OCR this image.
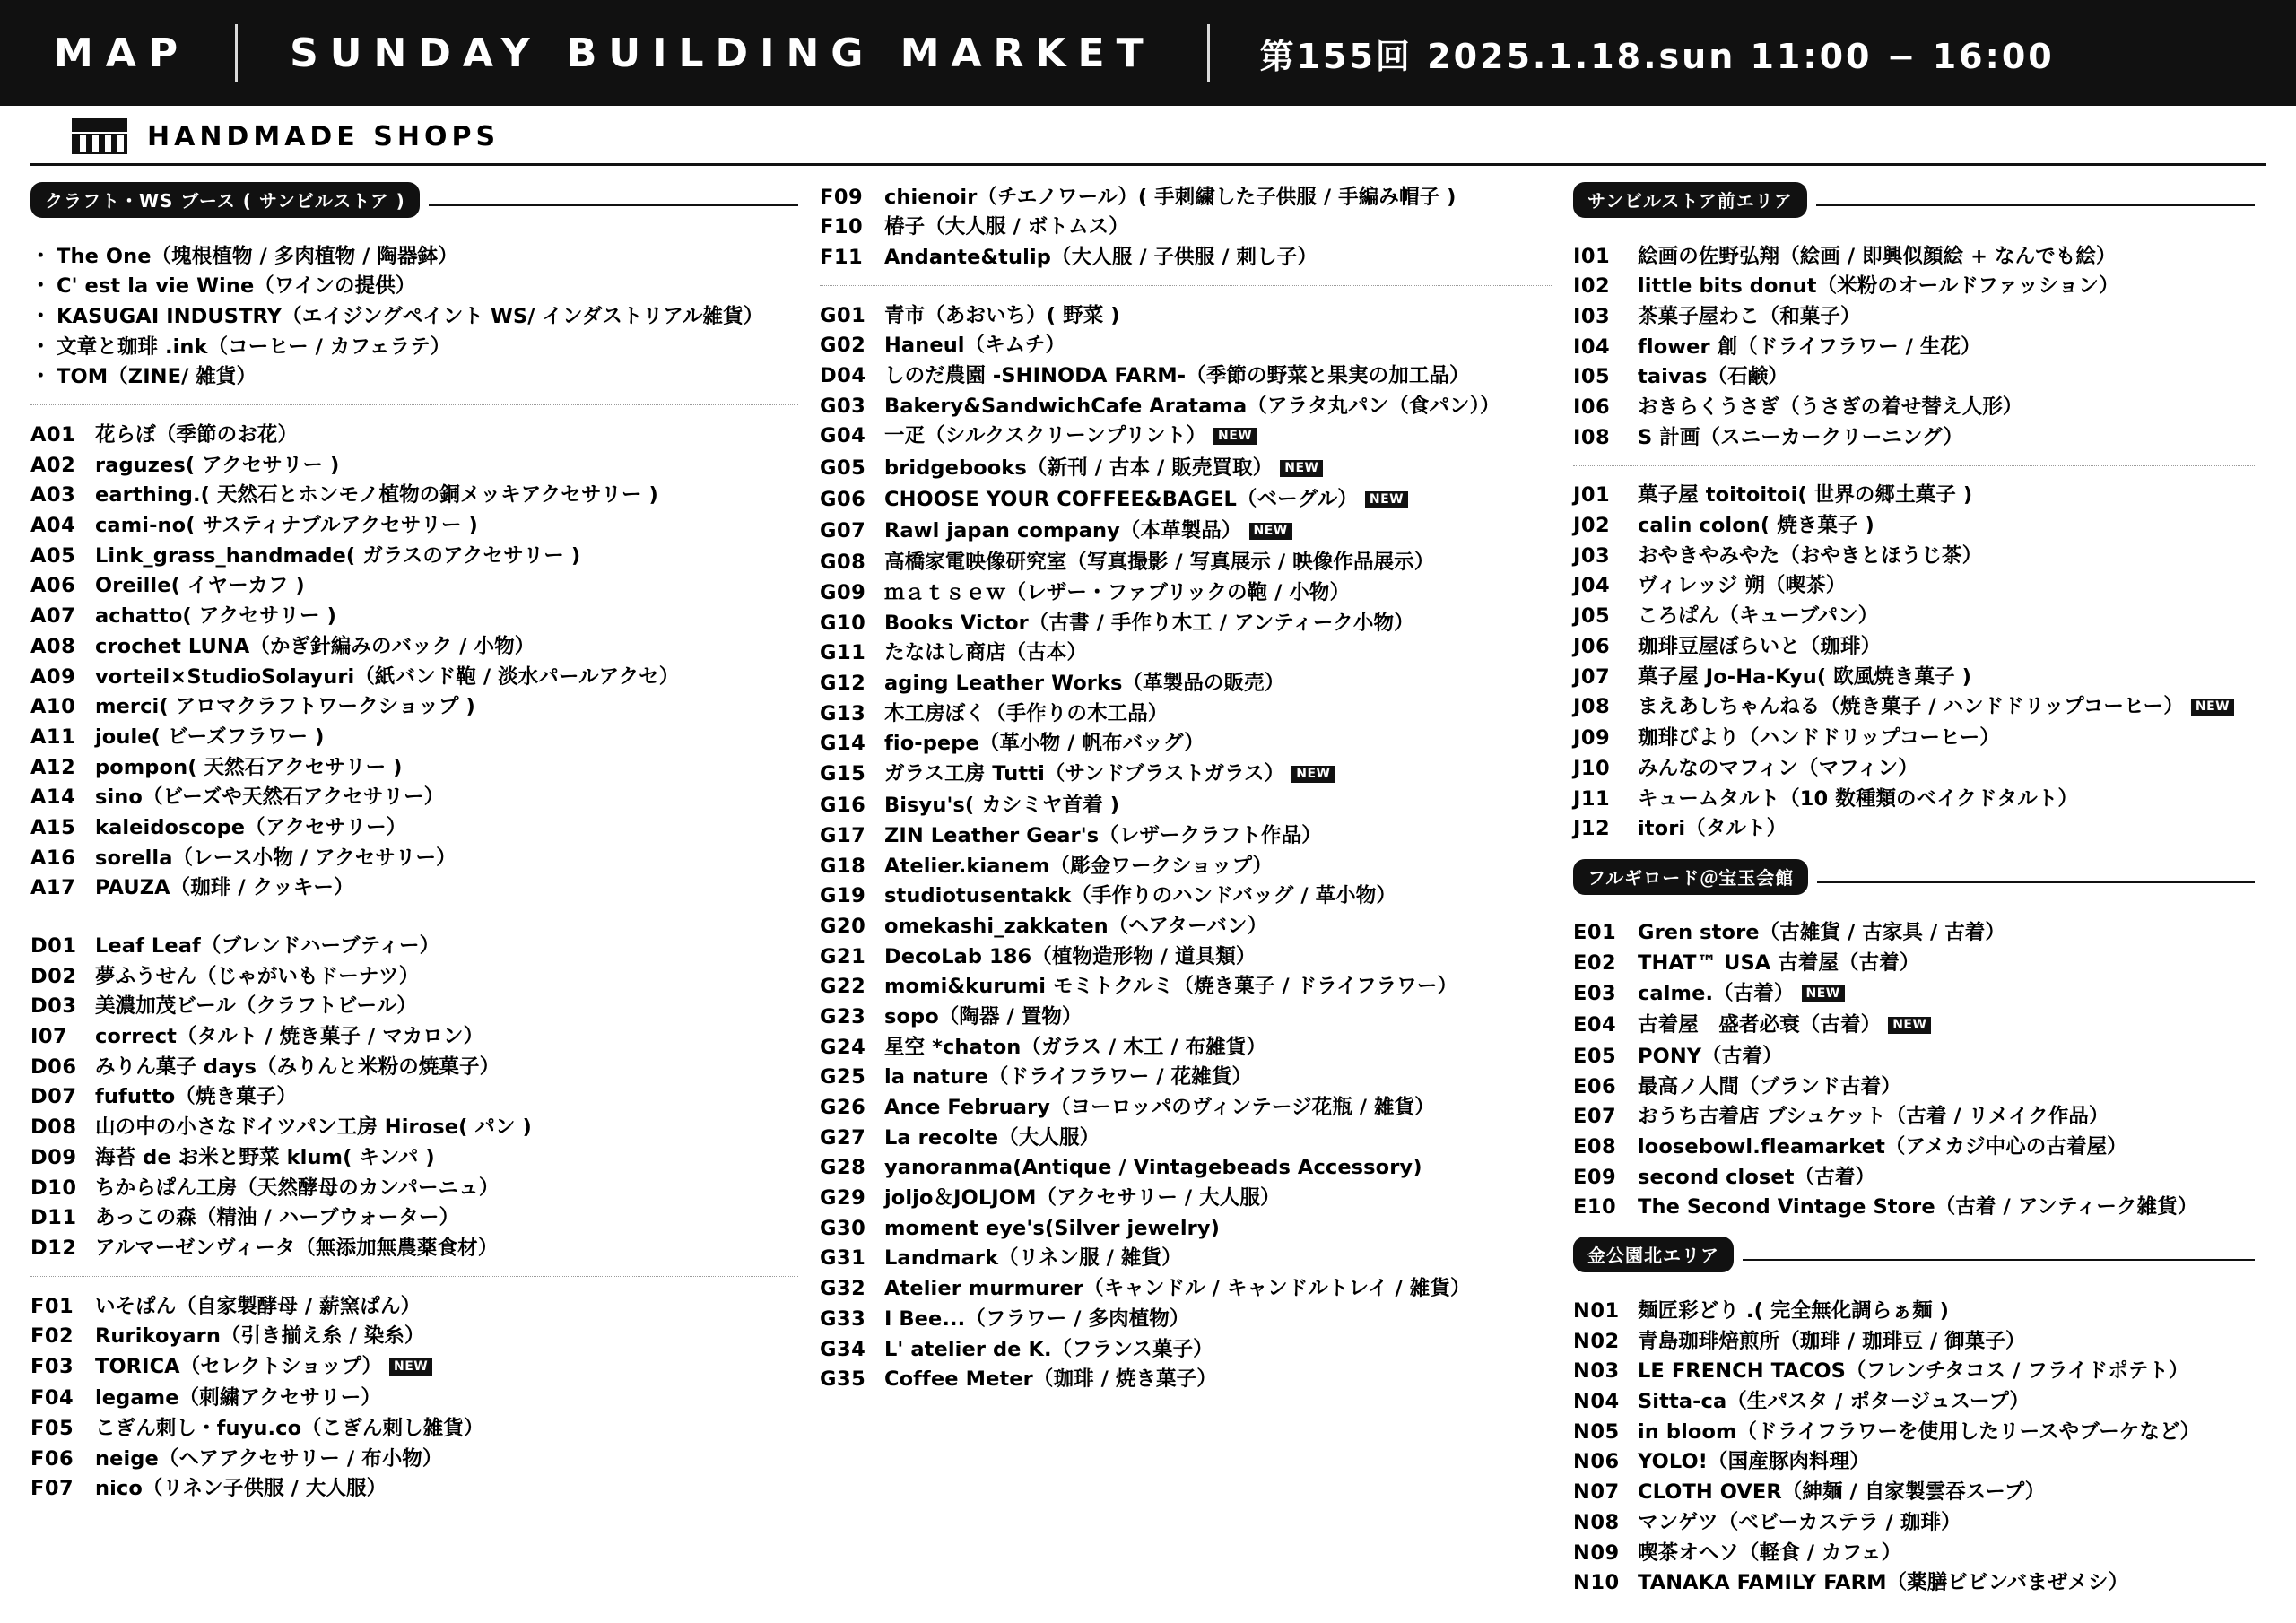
MAP	SUNDAY BUILDING MARKET	第155回 2025.1.18.sun 11:00 − 16:00
HANDMADE SHOPS
クラフト・WS ブース ( サンビルストア )
・ The One（塊根植物 / 多肉植物 / 陶器鉢）
・ C' est la vie Wine（ワインの提供）
・ KASUGAI INDUSTRY（エイジングペイント WS/ インダストリアル雑貨）
・ 文章と珈琲 .ink（コーヒー / カフェラテ）
・ TOM（ZINE/ 雑貨）
A01 花らぼ（季節のお花）
A02 raguzes( アクセサリー )
A03 earthing.( 天然石とホンモノ植物の銅メッキアクセサリー )
A04 cami-no( サスティナブルアクセサリー )
A05 Link_grass_handmade( ガラスのアクセサリー )
A06 Oreille( イヤーカフ )
A07 achatto( アクセサリー )
A08 crochet LUNA（かぎ針編みのバック / 小物）
A09 vorteil×StudioSolayuri（紙バンド鞄 / 淡水パールアクセ）
A10 merci( アロマクラフトワークショップ )
A11 joule( ビーズフラワー )
A12 pompon( 天然石アクセサリー )
A14 sino（ビーズや天然石アクセサリー）
A15 kaleidoscope（アクセサリー）
A16 sorella（レース小物 / アクセサリー）
A17 PAUZA（珈琲 / クッキー）
D01 Leaf Leaf（ブレンドハーブティー）
D02 夢ふうせん（じゃがいもドーナツ）
D03 美濃加茂ビール（クラフトビール）
I07	correct（タルト / 焼き菓子 / マカロン）
D06 みりん菓子 days（みりんと米粉の焼菓子）
D07 fufutto（焼き菓子）
D08 山の中の小さなドイツパン工房 Hirose( パン )
D09 海苔 de お米と野菜 klum( キンパ )
D10 ちからぱん工房（天然酵母のカンパーニュ）
D11 あっこの森（精油 / ハーブウォーター）
D12 アルマーゼンヴィータ（無添加無農薬食材）
F01	いそぱん（自家製酵母 / 薪窯ぱん）
F02	Rurikoyarn（引き揃え糸 / 染糸）
F03	TORICA（セレクトショップ） NEW
F04	legame（刺繍アクセサリー）
F05	こぎん刺し・fuyu.co（こぎん刺し雑貨）
F06	neige（ヘアアクセサリー / 布小物）
F07	nico（リネン子供服 / 大人服）
F09	chienoir（チエノワール）( 手刺繍した子供服 / 手編み帽子 )
F10	椿子（大人服 / ボトムス）
F11	Andante&tulip（大人服 / 子供服 / 刺し子）
G01 青市（あおいち）( 野菜 )
G02 Haneul（キムチ）
D04 しのだ農園 -SHINODA FARM-（季節の野菜と果実の加工品）
G03 Bakery&SandwichCafe Aratama（アラタ丸パン（食パン））
G04 一疋（シルクスクリーンプリント） NEW
G05 bridgebooks（新刊 / 古本 / 販売買取） NEW
G06 CHOOSE YOUR COFFEE&BAGEL（ベーグル） NEW
G07 Rawl japan company（本革製品） NEW
G08 高橋家電映像研究室（写真撮影 / 写真展示 / 映像作品展示）
G09 ｍａｔｓｅｗ（レザー・ファブリックの鞄 / 小物）
G10 Books Victor（古書 / 手作り木工 / アンティーク小物）
G11 たなはし商店（古本）
G12 aging Leather Works（革製品の販売）
G13 木工房ぼく（手作りの木工品）
G14 fio-pepe（革小物 / 帆布バッグ）
G15 ガラス工房 Tutti（サンドブラストガラス） NEW
G16 Bisyu's( カシミヤ首着 )
G17 ZIN Leather Gear's（レザークラフト作品）
G18 Atelier.kianem（彫金ワークショップ）
G19 studiotusentakk（手作りのハンドバッグ / 革小物）
G20 omekashi_zakkaten（ヘアターバン）
G21 DecoLab 186（植物造形物 / 道具類）
G22 momi&kurumi モミトクルミ（焼き菓子 / ドライフラワー）
G23 sopo（陶器 / 置物）
G24 星空 *chaton（ガラス / 木工 / 布雑貨）
G25 la nature（ドライフラワー / 花雑貨）
G26 Ance February（ヨーロッパのヴィンテージ花瓶 / 雑貨）
G27 La recolte（大人服）
G28 yanoranma(Antique / Vintagebeads Accessory)
G29 joljo＆JOLJOM（アクセサリー / 大人服）
G30 moment eye's(Silver jewelry)
G31 Landmark（リネン服 / 雑貨）
G32 Atelier murmurer（キャンドル / キャンドルトレイ / 雑貨）
G33 I Bee...（フラワー / 多肉植物）
G34 L' atelier de K.（フランス菓子）
G35 Coffee Meter（珈琲 / 焼き菓子）
サンビルストア前エリア
I01	絵画の佐野弘翔（絵画 / 即興似顔絵 + なんでも絵）
I02	little bits donut（米粉のオールドファッション）
I03	茶菓子屋わこ（和菓子）
I04	flower 創（ドライフラワー / 生花）
I05	taivas（石鹸）
I06	おきらくうさぎ（うさぎの着せ替え人形）
I08	S 計画（スニーカークリーニング）
J01	菓子屋 toitoitoi( 世界の郷土菓子 )
J02	calin colon( 焼き菓子 )
J03	おやきやみやた（おやきとほうじ茶）
J04	ヴィレッジ 朔（喫茶）
J05	ころぱん（キューブパン）
J06	珈琲豆屋ぼらいと（珈琲）
J07	菓子屋 Jo-Ha-Kyu( 欧風焼き菓子 )
J08	まえあしちゃんねる（焼き菓子 / ハンドドリップコーヒー） NEW
J09	珈琲びより（ハンドドリップコーヒー）
J10	みんなのマフィン（マフィン）
J11	キュームタルト（10 数種類のベイクドタルト）
J12	itori（タルト）
フルギロード＠宝玉会館
E01	Gren store（古雑貨 / 古家具 / 古着）
E02	THAT™ USA 古着屋（古着）
E03	calme.（古着） NEW
E04	古着屋　盛者必衰（古着） NEW
E05	PONY（古着）
E06	最高ノ人間（ブランド古着）
E07	おうち古着店 ブシュケット（古着 / リメイク作品）
E08	loosebowl.fleamarket（アメカジ中心の古着屋）
E09	second closet（古着）
E10	The Second Vintage Store（古着 / アンティーク雑貨）
金公園北エリア
N01 麺匠彩どり .( 完全無化調らぁ麺 )
N02 青島珈琲焙煎所（珈琲 / 珈琲豆 / 御菓子）
N03 LE FRENCH TACOS（フレンチタコス / フライドポテト）
N04 Sitta-ca（生パスタ / ポタージュスープ）
N05 in bloom（ドライフラワーを使用したリースやブーケなど）
N06 YOLO!（国産豚肉料理）
N07 CLOTH OVER（紳麺 / 自家製雲吞スープ）
N08 マンゲツ（ベビーカステラ / 珈琲）
N09 喫茶オヘソ（軽食 / カフェ）
N10 TANAKA FAMILY FARM（薬膳ビビンバまぜメシ）
